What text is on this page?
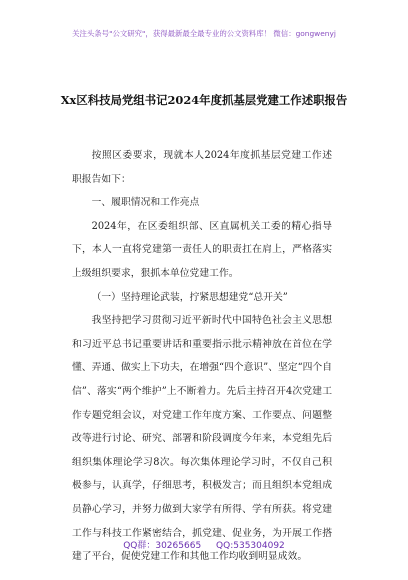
关注头条号"公文研究"，获得最新最全最专业的公文资料库！ 微信：gongwenyj
Xx区科技局党组书记2024年度抓基层党建工作述职报告

按照区委要求，现就本人2024年度抓基层党建工作述职报告如下：

一、履职情况和工作亮点

2024年，在区委组织部、区直属机关工委的精心指导下，本人一直将党建第一责任人的职责扛在肩上，严格落实上级组织要求，狠抓本单位党建工作。

（一）坚持理论武装，拧紧思想建党“总开关”

我坚持把学习贯彻习近平新时代中国特色社会主义思想和习近平总书记重要讲话和重要指示批示精神放在首位在学懂、弄通、做实上下功夫，在增强“四个意识”、坚定“四个自信”、落实“两个维护”上不断着力。先后主持召开4次党建工作专题党组会议，对党建工作年度方案、工作要点、问题整改等进行讨论、研究、部署和阶段调度今年来，本党组先后组织集体理论学习8次。每次集体理论学习时，不仅自己积极参与，认真学，仔细思考，积极发言；而且组织本党组成员静心学习，并努力做到大家学有所得、学有所获。将党建工作与科技工作紧密结合，抓党建、促业务，为开展工作搭建了平台，促使党建工作和其他工作均收到明显成效。

QQ群：30265665 QQ:535304092
